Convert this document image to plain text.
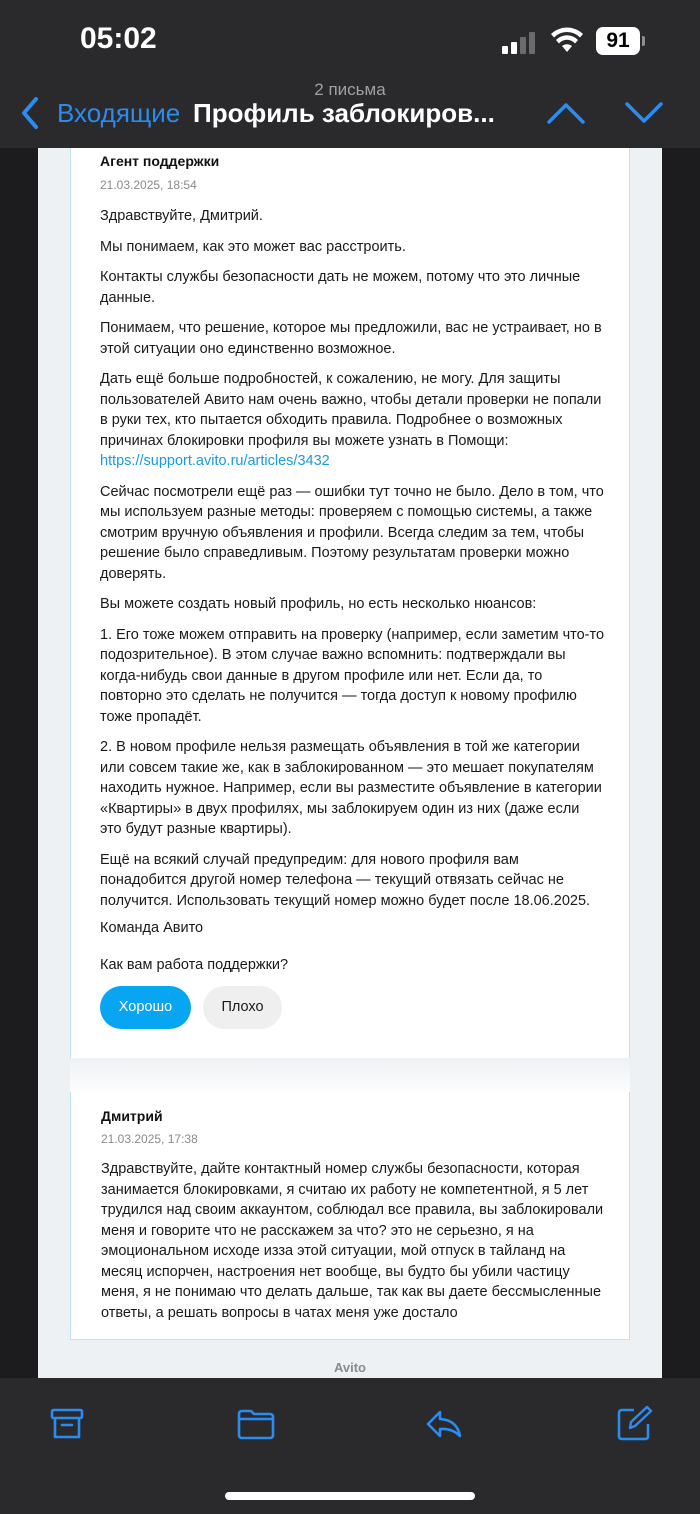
05:02	91
2 письма
Входящие Профиль заблокиров...
Агент поддержки
21.03.2025, 18:54

Здравствуйте, Дмитрий.

Мы понимаем, как это может вас расстроить.

Контакты службы безопасности дать не можем, потому что это личные данные.

Понимаем, что решение, которое мы предложили, вас не устраивает, но в этой ситуации оно единственно возможное.

Дать ещё больше подробностей, к сожалению, не могу. Для защиты пользователей Авито нам очень важно, чтобы детали проверки не попали в руки тех, кто пытается обходить правила. Подробнее о возможных причинах блокировки профиля вы можете узнать в Помощи: https://support.avito.ru/articles/3432

Сейчас посмотрели ещё раз — ошибки тут точно не было. Дело в том, что мы используем разные методы: проверяем с помощью системы, а также смотрим вручную объявления и профили. Всегда следим за тем, чтобы решение было справедливым. Поэтому результатам проверки можно доверять.

Вы можете создать новый профиль, но есть несколько нюансов:

1. Его тоже можем отправить на проверку (например, если заметим что-то подозрительное). В этом случае важно вспомнить: подтверждали вы когда-нибудь свои данные в другом профиле или нет. Если да, то повторно это сделать не получится — тогда доступ к новому профилю тоже пропадёт.

2. В новом профиле нельзя размещать объявления в той же категории или совсем такие же, как в заблокированном — это мешает покупателям находить нужное. Например, если вы разместите объявление в категории «Квартиры» в двух профилях, мы заблокируем один из них (даже если это будут разные квартиры).

Ещё на всякий случай предупредим: для нового профиля вам понадобится другой номер телефона — текущий отвязать сейчас не получится. Использовать текущий номер можно будет после 18.06.2025.

Команда Авито
Как вам работа поддержки?
Хорошо	Плохо
Дмитрий
21.03.2025, 17:38
Здравствуйте, дайте контактный номер службы безопасности, которая занимается блокировками, я считаю их работу не компетентной, я 5 лет трудился над своим аккаунтом, соблюдал все правила, вы заблокировали меня и говорите что не расскажем за что? это не серьезно, я на эмоциональном исходе изза этой ситуации, мой отпуск в тайланд на месяц испорчен, настроения нет вообще, вы будто бы убили частицу меня, я не понимаю что делать дальше, так как вы даете бессмысленные ответы, а решать вопросы в чатах меня уже достало
Avito
